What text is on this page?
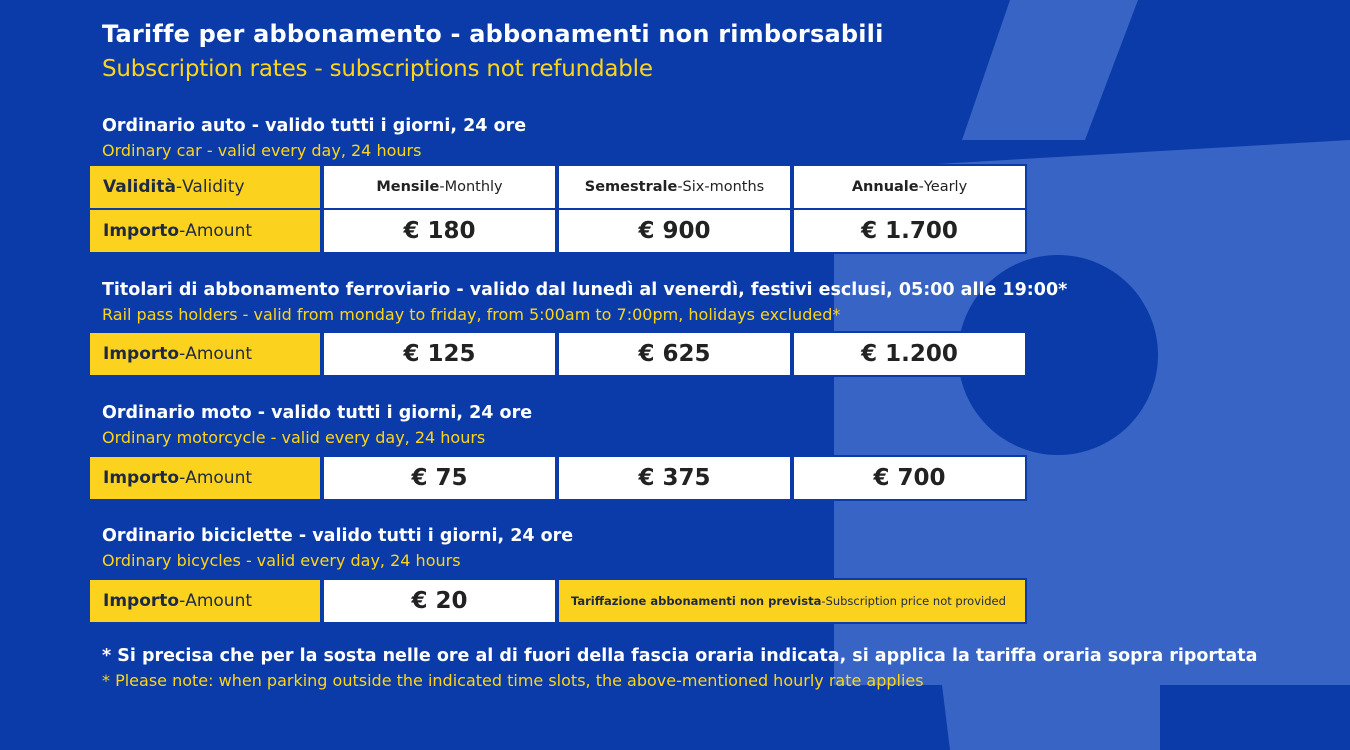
Tariffe per abbonamento - abbonamenti non rimborsabili
Subscription rates - subscriptions not refundable
Ordinario auto - valido tutti i giorni, 24 ore
Ordinary car - valid every day, 24 hours
Validità - Validity	Mensile - Monthly	Semestrale - Six-months	Annuale - Yearly
Importo - Amount	€ 180	€ 900	€ 1.700
Titolari di abbonamento ferroviario - valido dal lunedì al venerdì, festivi esclusi, 05:00 alle 19:00*
Rail pass holders - valid from monday to friday, from 5:00am to 7:00pm, holidays excluded*
Importo - Amount	€ 125	€ 625	€ 1.200
Ordinario moto - valido tutti i giorni, 24 ore
Ordinary motorcycle - valid every day, 24 hours
Importo - Amount	€ 75	€ 375	€ 700
Ordinario biciclette - valido tutti i giorni, 24 ore
Ordinary bicycles - valid every day, 24 hours
Importo - Amount	€ 20	Tariffazione abbonamenti non prevista - Subscription price not provided
* Si precisa che per la sosta nelle ore al di fuori della fascia oraria indicata, si applica la tariffa oraria sopra riportata
* Please note: when parking outside the indicated time slots, the above-mentioned hourly rate applies
